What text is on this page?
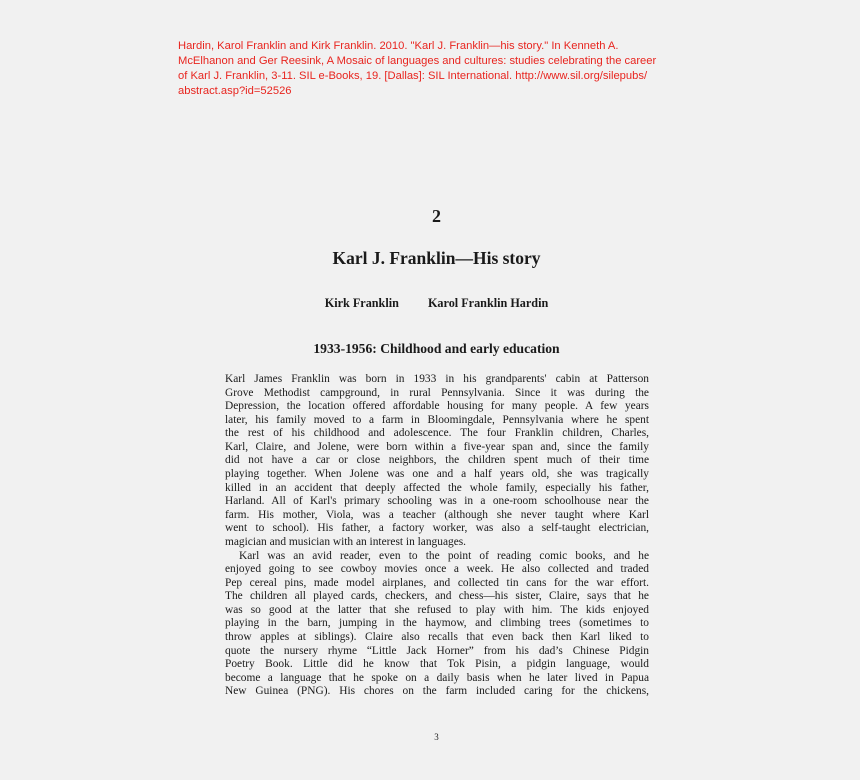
Hardin, Karol Franklin and Kirk Franklin. 2010. "Karl J. Franklin—his story." In Kenneth A.
McElhanon and Ger Reesink, A Mosaic of languages and cultures: studies celebrating the career
of Karl J. Franklin, 3-11. SIL e-Books, 19. [Dallas]: SIL International. http://www.sil.org/silepubs/
abstract.asp?id=52526
2
Karl J. Franklin—His story
Kirk Franklin Karol Franklin Hardin
1933-1956: Childhood and early education
Karl James Franklin was born in 1933 in his grandparents' cabin at Patterson
Grove Methodist campground, in rural Pennsylvania. Since it was during the
Depression, the location offered affordable housing for many people. A few years
later, his family moved to a farm in Bloomingdale, Pennsylvania where he spent
the rest of his childhood and adolescence. The four Franklin children, Charles,
Karl, Claire, and Jolene, were born within a five-year span and, since the family
did not have a car or close neighbors, the children spent much of their time
playing together. When Jolene was one and a half years old, she was tragically
killed in an accident that deeply affected the whole family, especially his father,
Harland. All of Karl's primary schooling was in a one-room schoolhouse near the
farm. His mother, Viola, was a teacher (although she never taught where Karl
went to school). His father, a factory worker, was also a self-taught electrician,
magician and musician with an interest in languages.
Karl was an avid reader, even to the point of reading comic books, and he
enjoyed going to see cowboy movies once a week. He also collected and traded
Pep cereal pins, made model airplanes, and collected tin cans for the war effort.
The children all played cards, checkers, and chess—his sister, Claire, says that he
was so good at the latter that she refused to play with him. The kids enjoyed
playing in the barn, jumping in the haymow, and climbing trees (sometimes to
throw apples at siblings). Claire also recalls that even back then Karl liked to
quote the nursery rhyme “Little Jack Horner” from his dad’s Chinese Pidgin
Poetry Book. Little did he know that Tok Pisin, a pidgin language, would
become a language that he spoke on a daily basis when he later lived in Papua
New Guinea (PNG). His chores on the farm included caring for the chickens,
3
